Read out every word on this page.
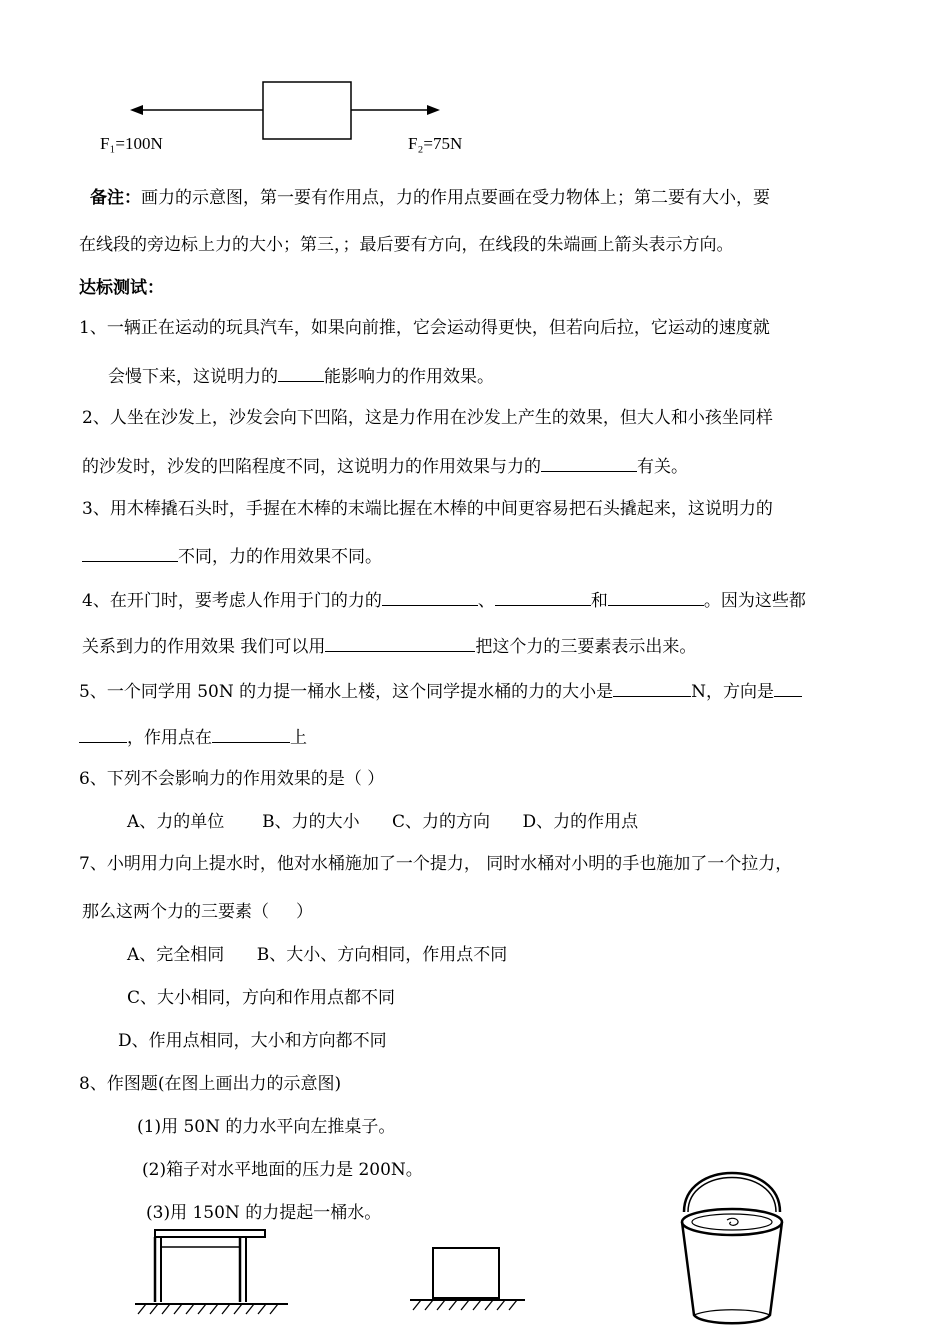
F₁=100N	F₂=75N
备注：画力的示意图，第一要有作用点，力的作用点要画在受力物体上；第二要有大小，要
在线段的旁边标上力的大小；第三，；最后要有方向，在线段的朱端画上箭头表示方向。
达标测试：
1、一辆正在运动的玩具汽车，如果向前推，它会运动得更快，但若向后拉，它运动的速度就
会慢下来，这说明力的	能影响力的作用效果。
2、人坐在沙发上，沙发会向下凹陷，这是力作用在沙发上产生的效果，但大人和小孩坐同样
的沙发时，沙发的凹陷程度不同，这说明力的作用效果与力的	有关。
3、用木棒撬石头时，手握在木棒的末端比握在木棒的中间更容易把石头撬起来，这说明力的
不同，力的作用效果不同。
4、在开门时，要考虑人作用于门的力的	、	和	。因为这些都
关系到力的作用效果 我们可以用	把这个力的三要素表示出来。
5、一个同学用 50N 的力提一桶水上楼，这个同学提水桶的力的大小是	N，方向是
，作用点在	上
6、下列不会影响力的作用效果的是（ ）
A、力的单位       B、力的大小      C、力的方向      D、力的作用点
7、小明用力向上提水时，他对水桶施加了一个提力， 同时水桶对小明的手也施加了一个拉力，
那么这两个力的三要素（     ）
A、完全相同      B、大小、方向相同，作用点不同
C、大小相同，方向和作用点都不同
D、作用点相同，大小和方向都不同
8、作图题(在图上画出力的示意图)
(1)用 50N 的力水平向左推桌子。
(2)箱子对水平地面的压力是 200N。
(3)用 150N 的力提起一桶水。
